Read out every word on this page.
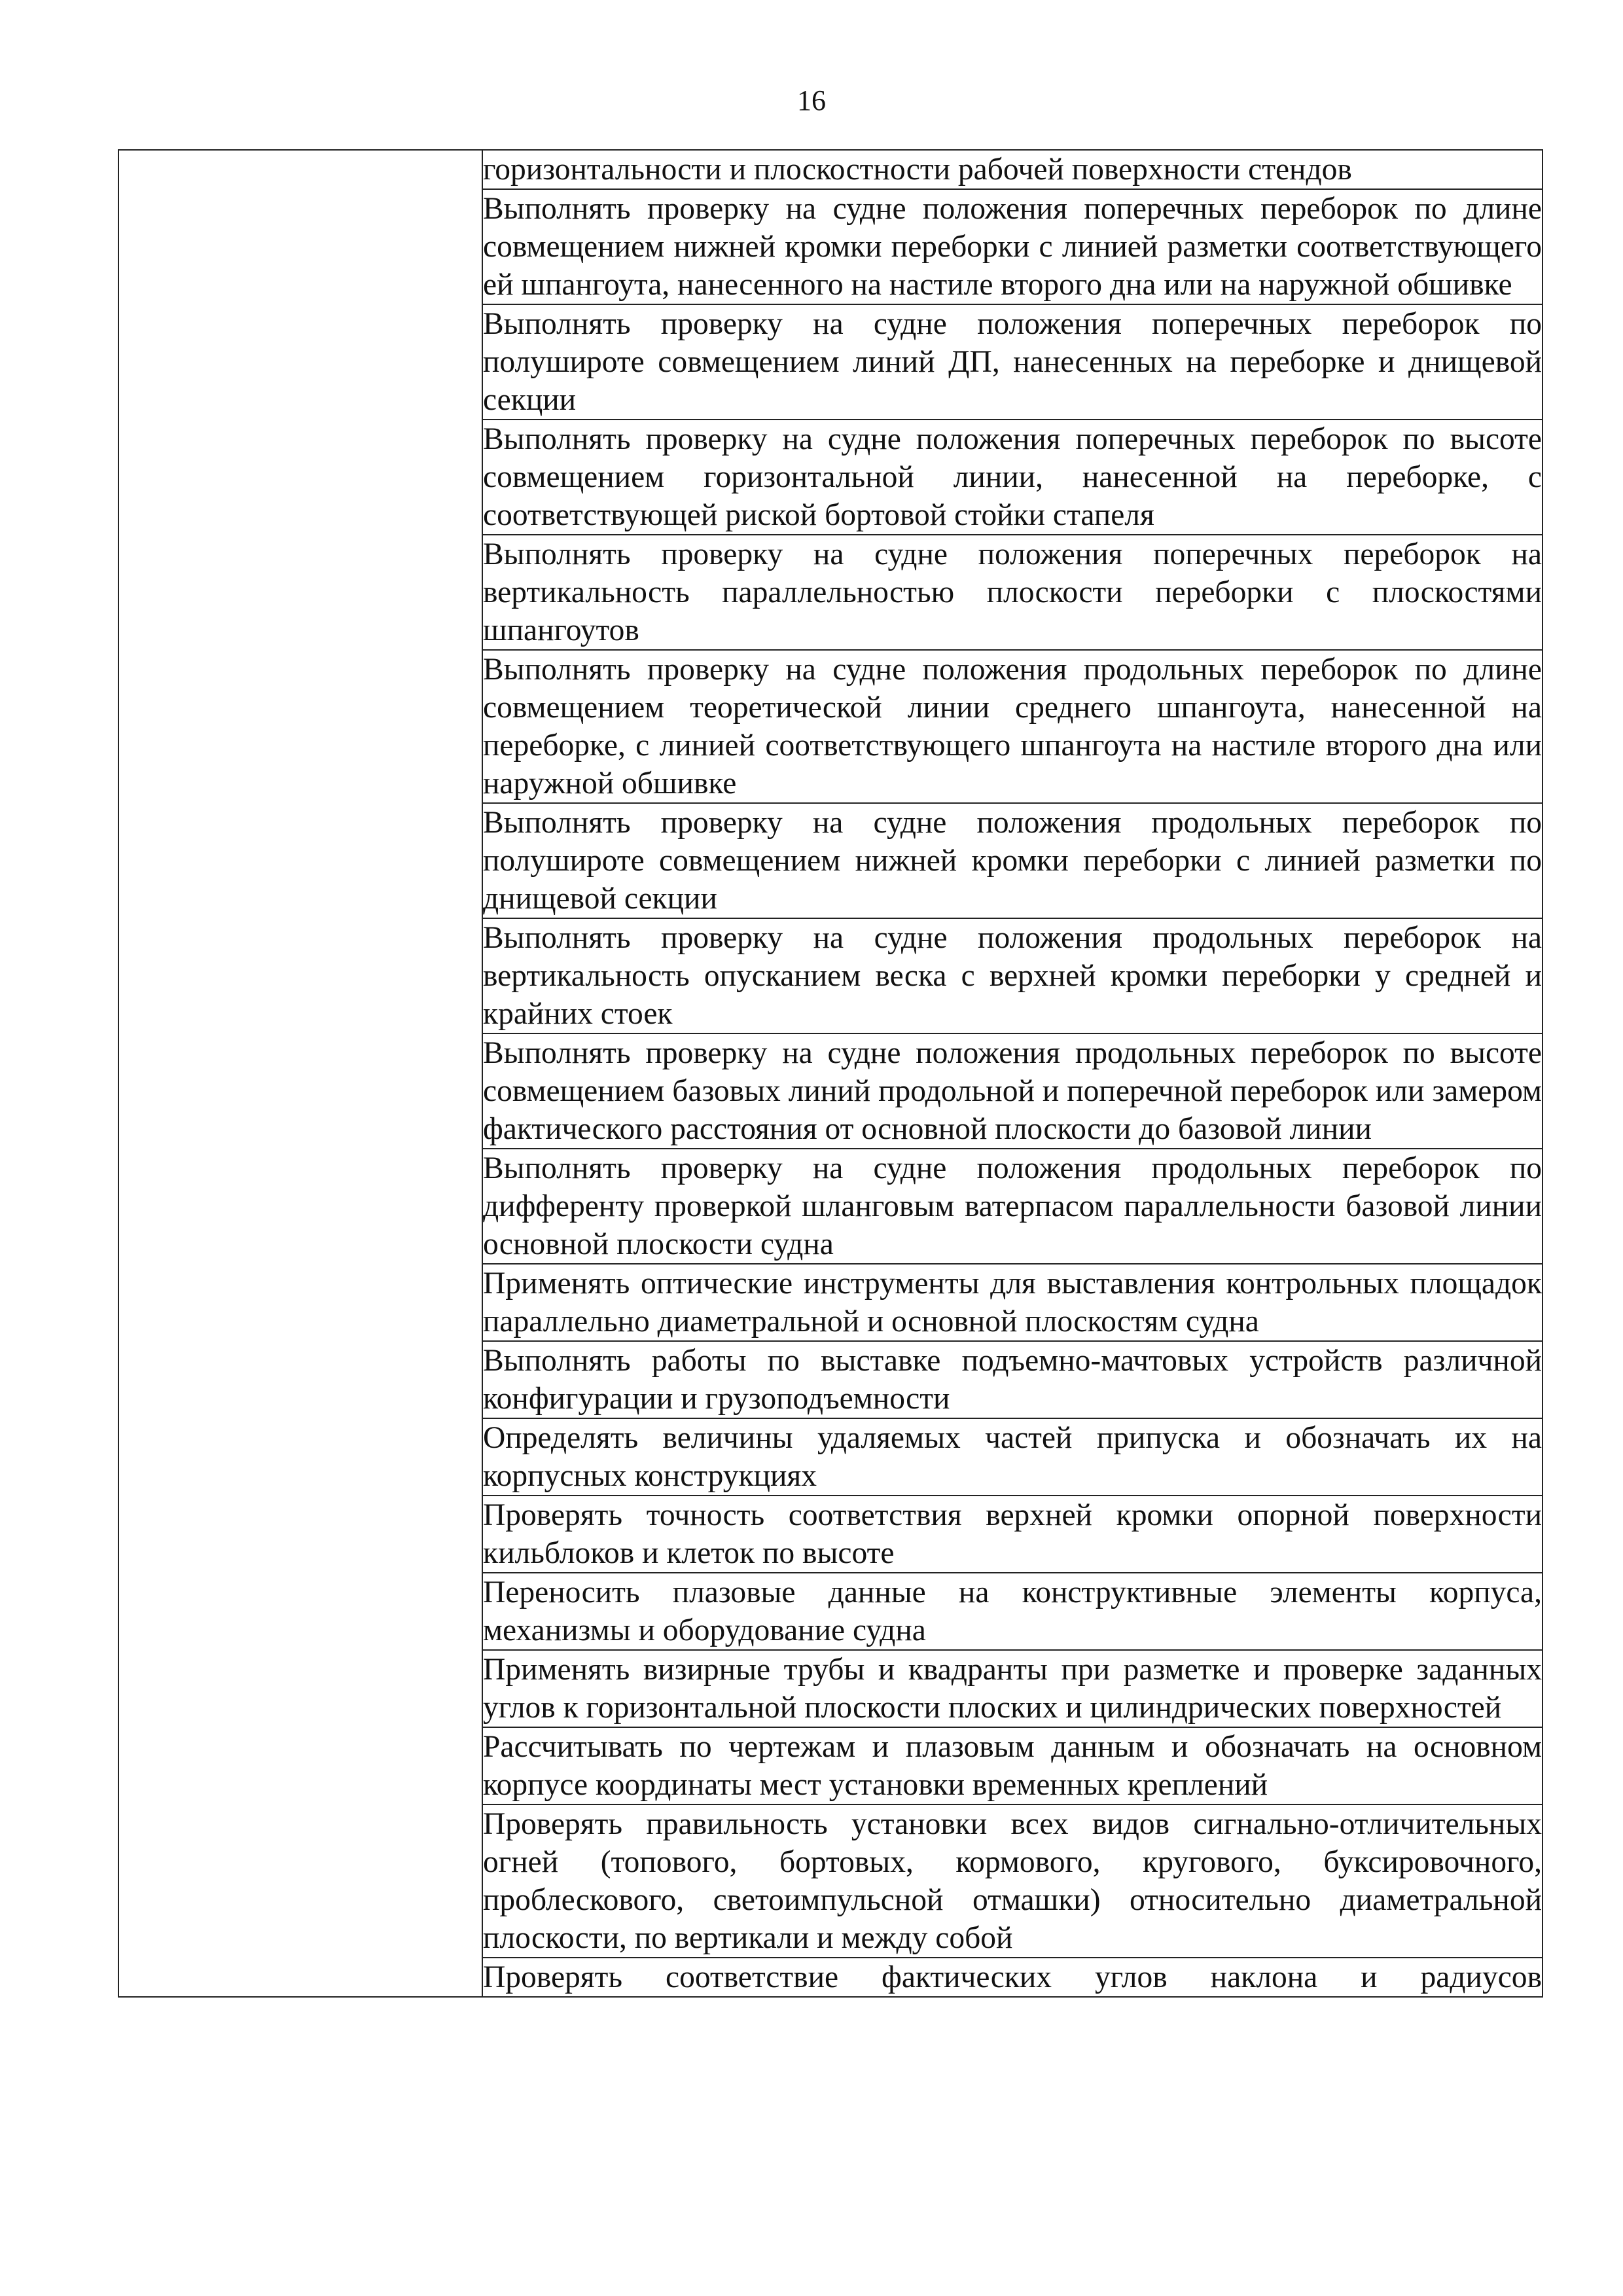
16
	горизонтальности и плоскостности рабочей поверхности стендов
Выполнять проверку на судне положения поперечных переборок по длине совмещением нижней кромки переборки с линией разметки соответствующего ей шпангоута, нанесенного на настиле второго дна или на наружной обшивке
Выполнять проверку на судне положения поперечных переборок по полушироте совмещением линий ДП, нанесенных на переборке и днищевой секции
Выполнять проверку на судне положения поперечных переборок по высоте совмещением горизонтальной линии, нанесенной на переборке, с соответствующей риской бортовой стойки стапеля
Выполнять проверку на судне положения поперечных переборок на вертикальность параллельностью плоскости переборки с плоскостями шпангоутов
Выполнять проверку на судне положения продольных переборок по длине совмещением теоретической линии среднего шпангоута, нанесенной на переборке, с линией соответствующего шпангоута на настиле второго дна или наружной обшивке
Выполнять проверку на судне положения продольных переборок по полушироте совмещением нижней кромки переборки с линией разметки по днищевой секции
Выполнять проверку на судне положения продольных переборок на вертикальность опусканием веска с верхней кромки переборки у средней и крайних стоек
Выполнять проверку на судне положения продольных переборок по высоте совмещением базовых линий продольной и поперечной переборок или замером фактического расстояния от основной плоскости до базовой линии
Выполнять проверку на судне положения продольных переборок по дифференту проверкой шланговым ватерпасом параллельности базовой линии основной плоскости судна
Применять оптические инструменты для выставления контрольных площадок параллельно диаметральной и основной плоскостям судна
Выполнять работы по выставке подъемно-мачтовых устройств различной конфигурации и грузоподъемности
Определять величины удаляемых частей припуска и обозначать их на корпусных конструкциях
Проверять точность соответствия верхней кромки опорной поверхности кильблоков и клеток по высоте
Переносить плазовые данные на конструктивные элементы корпуса, механизмы и оборудование судна
Применять визирные трубы и квадранты при разметке и проверке заданных углов к горизонтальной плоскости плоских и цилиндрических поверхностей
Рассчитывать по чертежам и плазовым данным и обозначать на основном корпусе координаты мест установки временных креплений
Проверять правильность установки всех видов сигнально-отличительных огней (топового, бортовых, кормового, кругового, буксировочного, проблескового, светоимпульсной отмашки) относительно диаметральной плоскости, по вертикали и между собой
Проверять соответствие фактических углов наклона и радиусов
